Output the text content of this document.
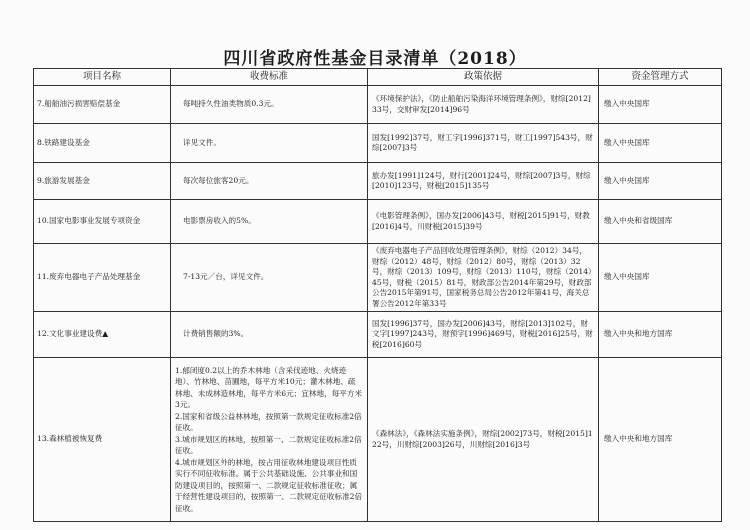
四川省政府性基金目录清单（2018）
项目名称	收费标准	政策依据	资金管理方式
7.船舶油污损害赔偿基金	每吨持久性油类物质0.3元。	《环境保护法》，《防止船舶污染海洋环境管理条例》，财综[2012]33号，交财审发[2014]96号	缴入中央国库
8.铁路建设基金	详见文件。	国发[1992]37号，财工字[1996]371号，财工[1997]543号，财综[2007]3号	缴入中央国库
9.旅游发展基金	每次每位旅客20元。	旅办发[1991]124号，财行[2001]24号，财综[2007]3号，财综[2010]123号，财税[2015]135号	缴入中央国库
10.国家电影事业发展专项资金	电影票房收入的5%。	《电影管理条例》，国办发[2006]43号，财税[2015]91号，财教[2016]4号，川财税[2015]39号	缴入中央和省级国库
11.废弃电器电子产品处理基金	7-13元／台，详见文件。	《废弃电器电子产品回收处理管理条例》，财综（2012）34号，财综（2012）48号，财综（2012）80号，财综（2013）32号，财综（2013）109号，财综（2013）110号，财综（2014）45号，财税（2015）81号，财政部公告2014年第29号，财政部公告2015年第91号，国家税务总局公告2012年第41号，海关总署公告2012年第33号	缴入中央国库
12.文化事业建设费▲	计费销售额的3%。	国发[1996]37号，国办发[2006]43号，财综[2013]102号，财文字[1997]243号，财预字[1996]469号，财税[2016]25号，财税[2016]60号	缴入中央和地方国库
13.森林植被恢复费	1.郁闭度0.2以上的乔木林地（含采伐迹地、火烧迹地）、竹林地、苗圃地，每平方米10元；灌木林地、疏林地、未成林造林地，每平方米6元；宜林地，每平方米3元。
2.国家和省级公益林林地，按照第一款规定征收标准2倍征收。
3.城市规划区的林地，按照第一、二款规定征收标准2倍征收。
4.城市规划区外的林地，按占用征收林地建设项目性质实行不同征收标准。属于公共基础设施、公共事业和国防建设项目的，按照第一、二款规定征收标准征收；属于经营性建设项目的，按照第一、二款规定征收标准2倍征收。	《森林法》，《森林法实施条例》，财综[2002]73号，财税[2015]122号，川财综[2003]26号，川财综[2016]3号	缴入中央和地方国库
